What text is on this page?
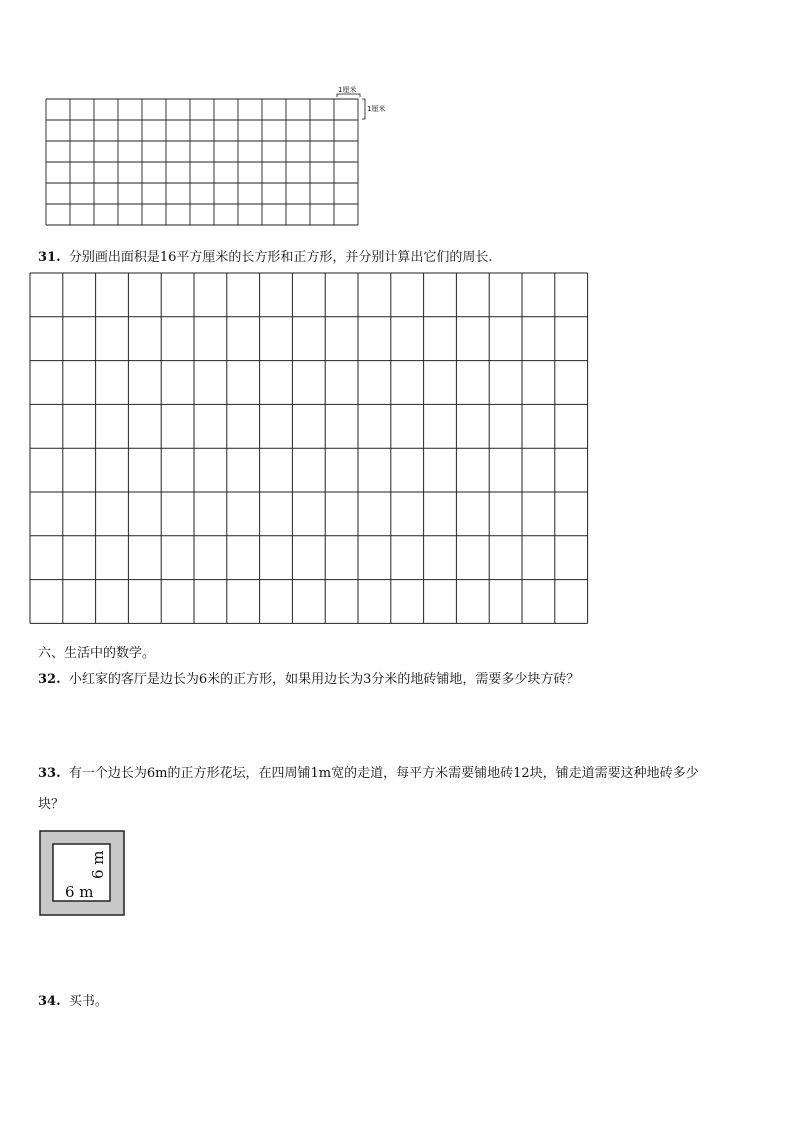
1厘米
1厘米
31. 分别画出面积是16平方厘米的长方形和正方形，并分别计算出它们的周长.
六、生活中的数学。
32. 小红家的客厅是边长为6米的正方形，如果用边长为3分米的地砖铺地，需要多少块方砖？
33. 有一个边长为6m的正方形花坛，在四周铺1m宽的走道，每平方米需要铺地砖12块，铺走道需要这种地砖多少
块？
6 m
6 m
34. 买书。
